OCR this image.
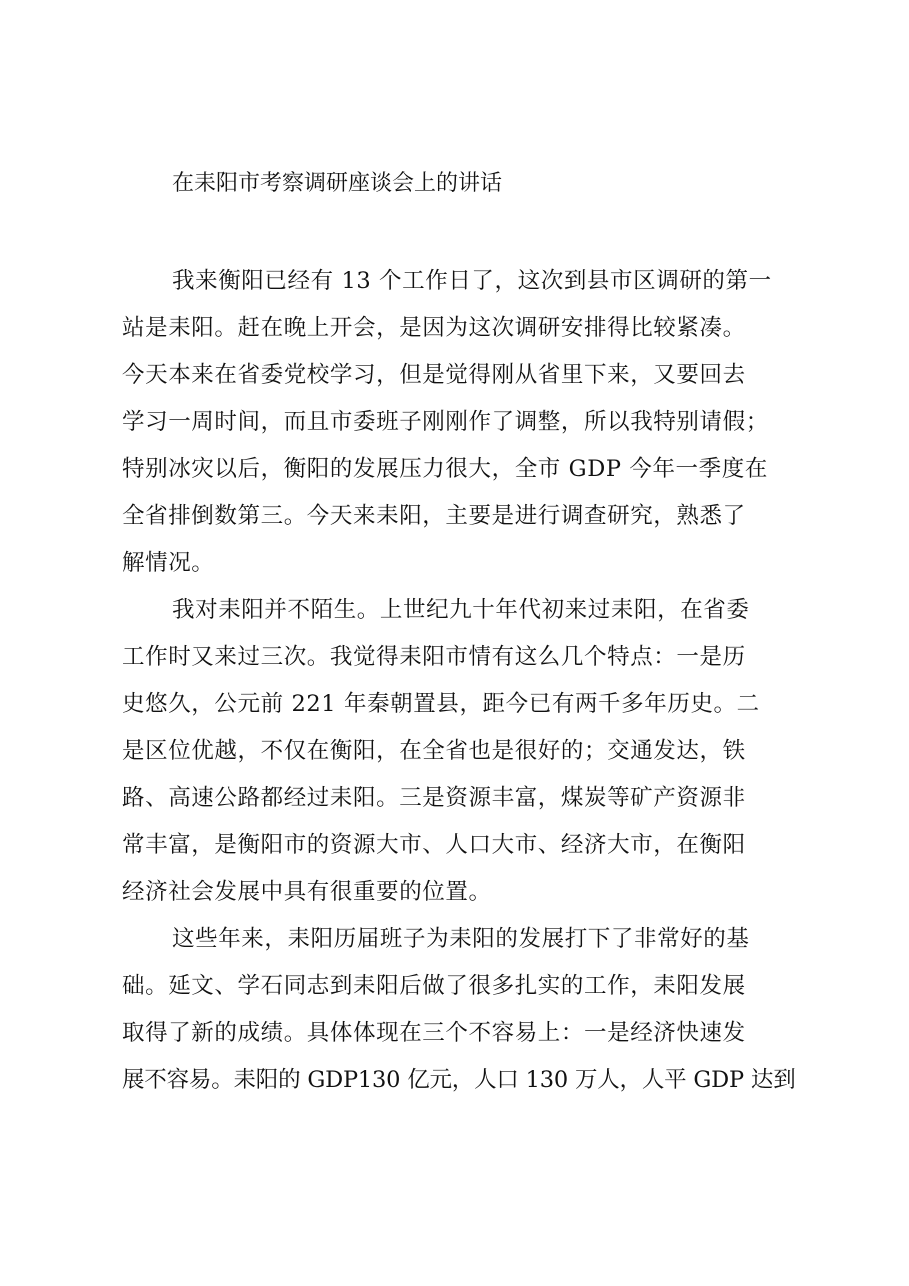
在耒阳市考察调研座谈会上的讲话

我来衡阳已经有 13 个工作日了，这次到县市区调研的第一

站是耒阳。赶在晚上开会，是因为这次调研安排得比较紧凑。

今天本来在省委党校学习，但是觉得刚从省里下来，又要回去

学习一周时间，而且市委班子刚刚作了调整，所以我特别请假；

特别冰灾以后，衡阳的发展压力很大，全市 GDP 今年一季度在

全省排倒数第三。今天来耒阳，主要是进行调查研究，熟悉了

解情况。

我对耒阳并不陌生。上世纪九十年代初来过耒阳，在省委

工作时又来过三次。我觉得耒阳市情有这么几个特点：一是历

史悠久，公元前 221 年秦朝置县，距今已有两千多年历史。二

是区位优越，不仅在衡阳，在全省也是很好的；交通发达，铁

路、高速公路都经过耒阳。三是资源丰富，煤炭等矿产资源非

常丰富，是衡阳市的资源大市、人口大市、经济大市，在衡阳

经济社会发展中具有很重要的位置。

这些年来，耒阳历届班子为耒阳的发展打下了非常好的基

础。延文、学石同志到耒阳后做了很多扎实的工作，耒阳发展

取得了新的成绩。具体体现在三个不容易上：一是经济快速发

展不容易。耒阳的 GDP130 亿元，人口 130 万人，人平 GDP 达到
